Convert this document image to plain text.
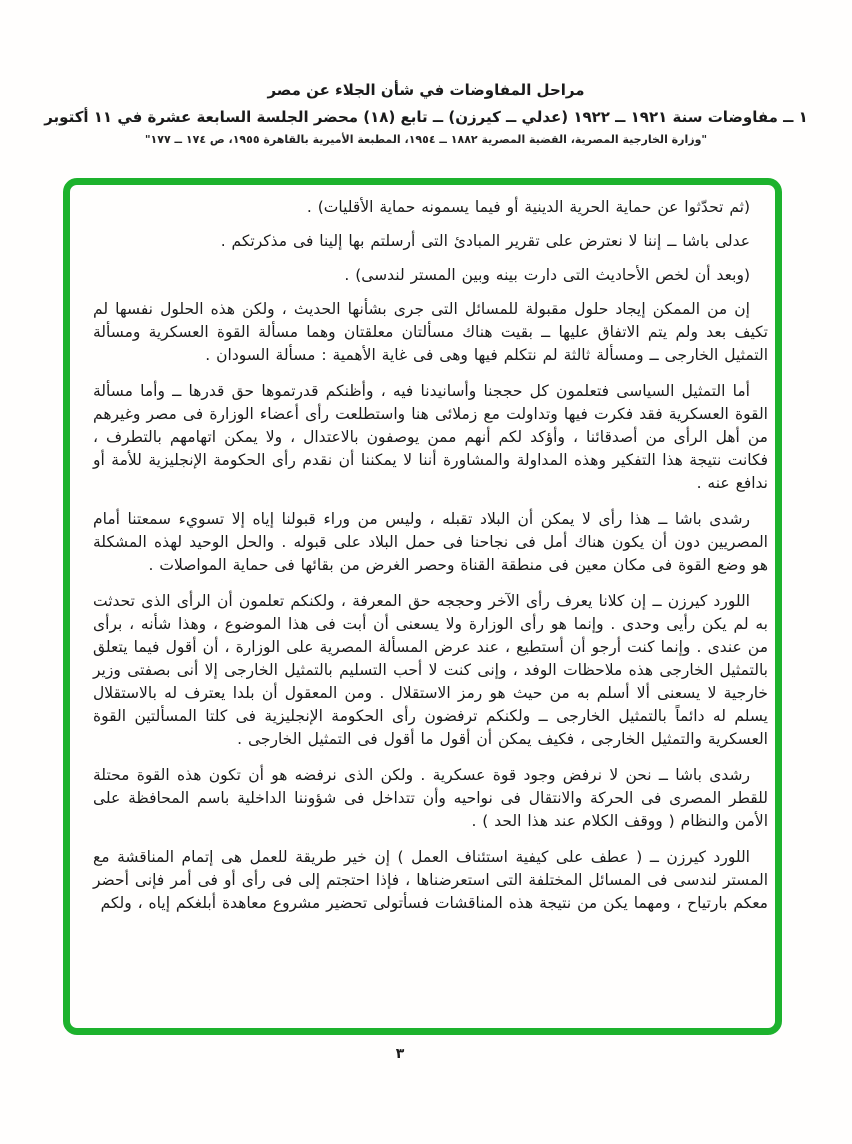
مراحل المفاوضات في شأن الجلاء عن مصر
١ ــ مفاوضات سنة ١٩٢١ ــ ١٩٢٢ (عدلي ــ كيرزن) ــ تابع (١٨) محضر الجلسة السابعة عشرة في ١١ أكتوبر
"وزارة الخارجية المصرية، القضية المصرية ١٨٨٢ ــ ١٩٥٤، المطبعة الأميرية بالقاهرة ١٩٥٥، ص ١٧٤ ــ ١٧٧"

(ثم تحدّثوا عن حماية الحرية الدينية أو فيما يسمونه حماية الأقليات) .

عدلى باشا ــ إننا لا نعترض على تقرير المبادئ التى أرسلتم بها إلينا فى مذكرتكم .

(وبعد أن لخص الأحاديث التى دارت بينه وبين المستر لندسى) .

إن من الممكن إيجاد حلول مقبولة للمسائل التى جرى بشأنها الحديث ، ولكن هذه الحلول نفسها لم تكيف بعد ولم يتم الاتفاق عليها ــ بقيت هناك مسألتان معلقتان وهما مسألة القوة العسكرية ومسألة التمثيل الخارجى ــ ومسألة ثالثة لم نتكلم فيها وهى فى غاية الأهمية : مسألة السودان .

أما التمثيل السياسى فتعلمون كل حججنا وأسانيدنا فيه ، وأظنكم قدرتموها حق قدرها ــ وأما مسألة القوة العسكرية فقد فكرت فيها وتداولت مع زملائى هنا واستطلعت رأى أعضاء الوزارة فى مصر وغيرهم من أهل الرأى من أصدقائنا ، وأؤكد لكم أنهم ممن يوصفون بالاعتدال ، ولا يمكن اتهامهم بالتطرف ، فكانت نتيجة هذا التفكير وهذه المداولة والمشاورة أننا لا يمكننا أن نقدم رأى الحكومة الإنجليزية للأمة أو ندافع عنه .

رشدى باشا ــ هذا رأى لا يمكن أن البلاد تقبله ، وليس من وراء قبولنا إياه إلا تسويء سمعتنا أمام المصريين دون أن يكون هناك أمل فى نجاحنا فى حمل البلاد على قبوله . والحل الوحيد لهذه المشكلة هو وضع القوة فى مكان معين فى منطقة القناة وحصر الغرض من بقائها فى حماية المواصلات .

اللورد كيرزن ــ إن كلانا يعرف رأى الآخر وحججه حق المعرفة ، ولكنكم تعلمون أن الرأى الذى تحدثت به لم يكن رأيى وحدى . وإنما هو رأى الوزارة ولا يسعنى أن أبت فى هذا الموضوع ، وهذا شأنه ، برأى من عندى . وإنما كنت أرجو أن أستطيع ، عند عرض المسألة المصرية على الوزارة ، أن أقول فيما يتعلق بالتمثيل الخارجى هذه ملاحظات الوفد ، وإنى كنت لا أحب التسليم بالتمثيل الخارجى إلا أنى بصفتى وزير خارجية لا يسعنى ألا أسلم به من حيث هو رمز الاستقلال . ومن المعقول أن بلدا يعترف له بالاستقلال يسلم له دائماً بالتمثيل الخارجى ــ ولكنكم ترفضون رأى الحكومة الإنجليزية فى كلتا المسألتين القوة العسكرية والتمثيل الخارجى ، فكيف يمكن أن أقول ما أقول فى التمثيل الخارجى .

رشدى باشا ــ نحن لا نرفض وجود قوة عسكرية . ولكن الذى نرفضه هو أن تكون هذه القوة محتلة للقطر المصرى فى الحركة والانتقال فى نواحيه وأن تتداخل فى شؤوننا الداخلية باسم المحافظة على الأمن والنظام ( ووقف الكلام عند هذا الحد ) .

اللورد كيرزن ــ ( عطف على كيفية استئناف العمل ) إن خير طريقة للعمل هى إتمام المناقشة مع المستر لندسى فى المسائل المختلفة التى استعرضناها ، فإذا احتجتم إلى فى رأى أو فى أمر فإنى أحضر معكم بارتياح ، ومهما يكن من نتيجة هذه المناقشات فسأتولى تحضير مشروع معاهدة أبلغكم إياه ، ولكم

٣
